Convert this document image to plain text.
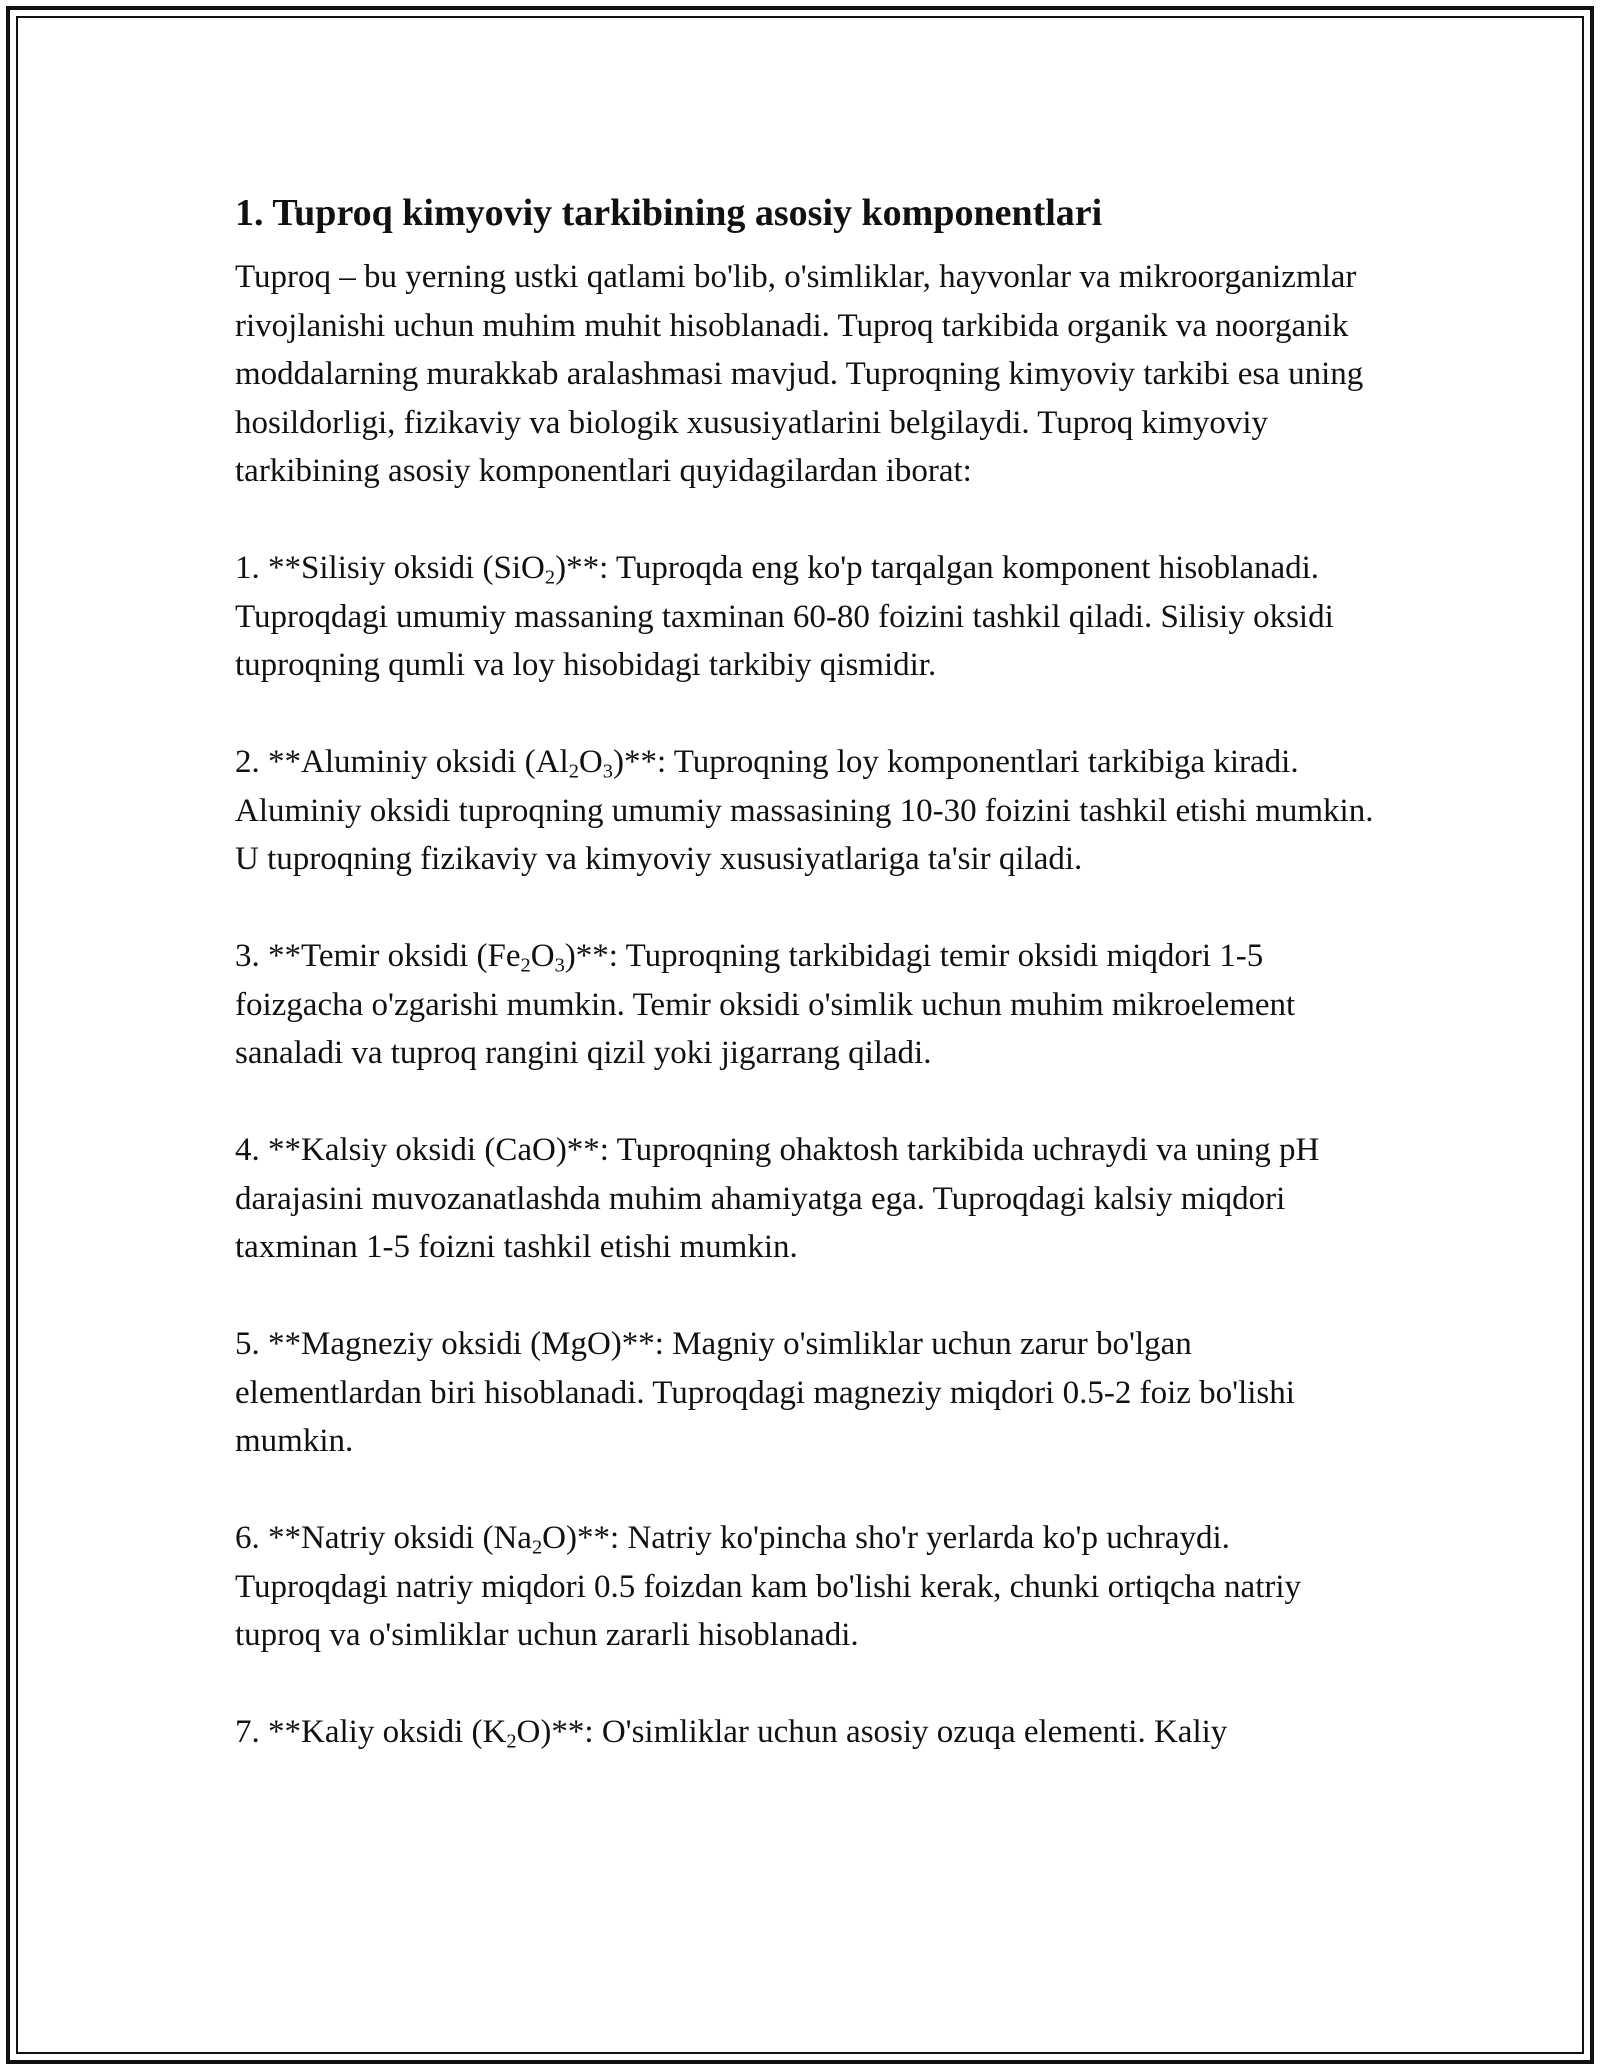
1. Tuproq kimyoviy tarkibining asosiy komponentlari

Tuproq – bu yerning ustki qatlami bo'lib, o'simliklar, hayvonlar va mikroorganizmlar rivojlanishi uchun muhim muhit hisoblanadi. Tuproq tarkibida organik va noorganik moddalarning murakkab aralashmasi mavjud. Tuproqning kimyoviy tarkibi esa uning hosildorligi, fizikaviy va biologik xususiyatlarini belgilaydi. Tuproq kimyoviy tarkibining asosiy komponentlari quyidagilardan iborat:

1. **Silisiy oksidi (SiO$_2$)**: Tuproqda eng ko'p tarqalgan komponent hisoblanadi. Tuproqdagi umumiy massaning taxminan 60-80 foizini tashkil qiladi. Silisiy oksidi tuproqning qumli va loy hisobidagi tarkibiy qismidir.

2. **Aluminiy oksidi $(Al_2O_3)**$: Tuproqning loy komponentlari tarkibiga kiradi. Aluminiy oksidi tuproqning umumiy massasining 10-30 foizini tashkil etishi mumkin. U tuproqning fizikaviy va kimyoviy xususiyatlariga ta'sir qiladi.

3. **Temir oksidi $(Fe_2O_3)**$: Tuproqning tarkibidagi temir oksidi miqdori 1-5 foizgacha o'zgarishi mumkin. Temir oksidi o'simlik uchun muhim mikroelement sanaladi va tuproq rangini qizil yoki jigarrang qiladi.

4. **Kalsiy oksidi (CaO)**: Tuproqning ohaktosh tarkibida uchraydi va uning pH darajasini muvozanatlashda muhim ahamiyatga ega. Tuproqdagi kalsiy miqdori taxminan 1-5 foizni tashkil etishi mumkin.

5. **Magneziy oksidi (MgO)**: Magniy o'simliklar uchun zarur bo'lgan elementlardan biri hisoblanadi. Tuproqdagi magneziy miqdori 0.5-2 foiz bo'lishi mumkin.

6. **Natriy oksidi $(Na_2O)**$: Natriy ko'pincha sho'r yerlarda ko'p uchraydi. Tuproqdagi natriy miqdori 0.5 foizdan kam bo'lishi kerak, chunki ortiqcha natriy tuproq va o'simliklar uchun zararli hisoblanadi.

7. **Kaliy oksidi $(K_2O)**$: O'simliklar uchun asosiy ozuqa elementi. Kaliy
